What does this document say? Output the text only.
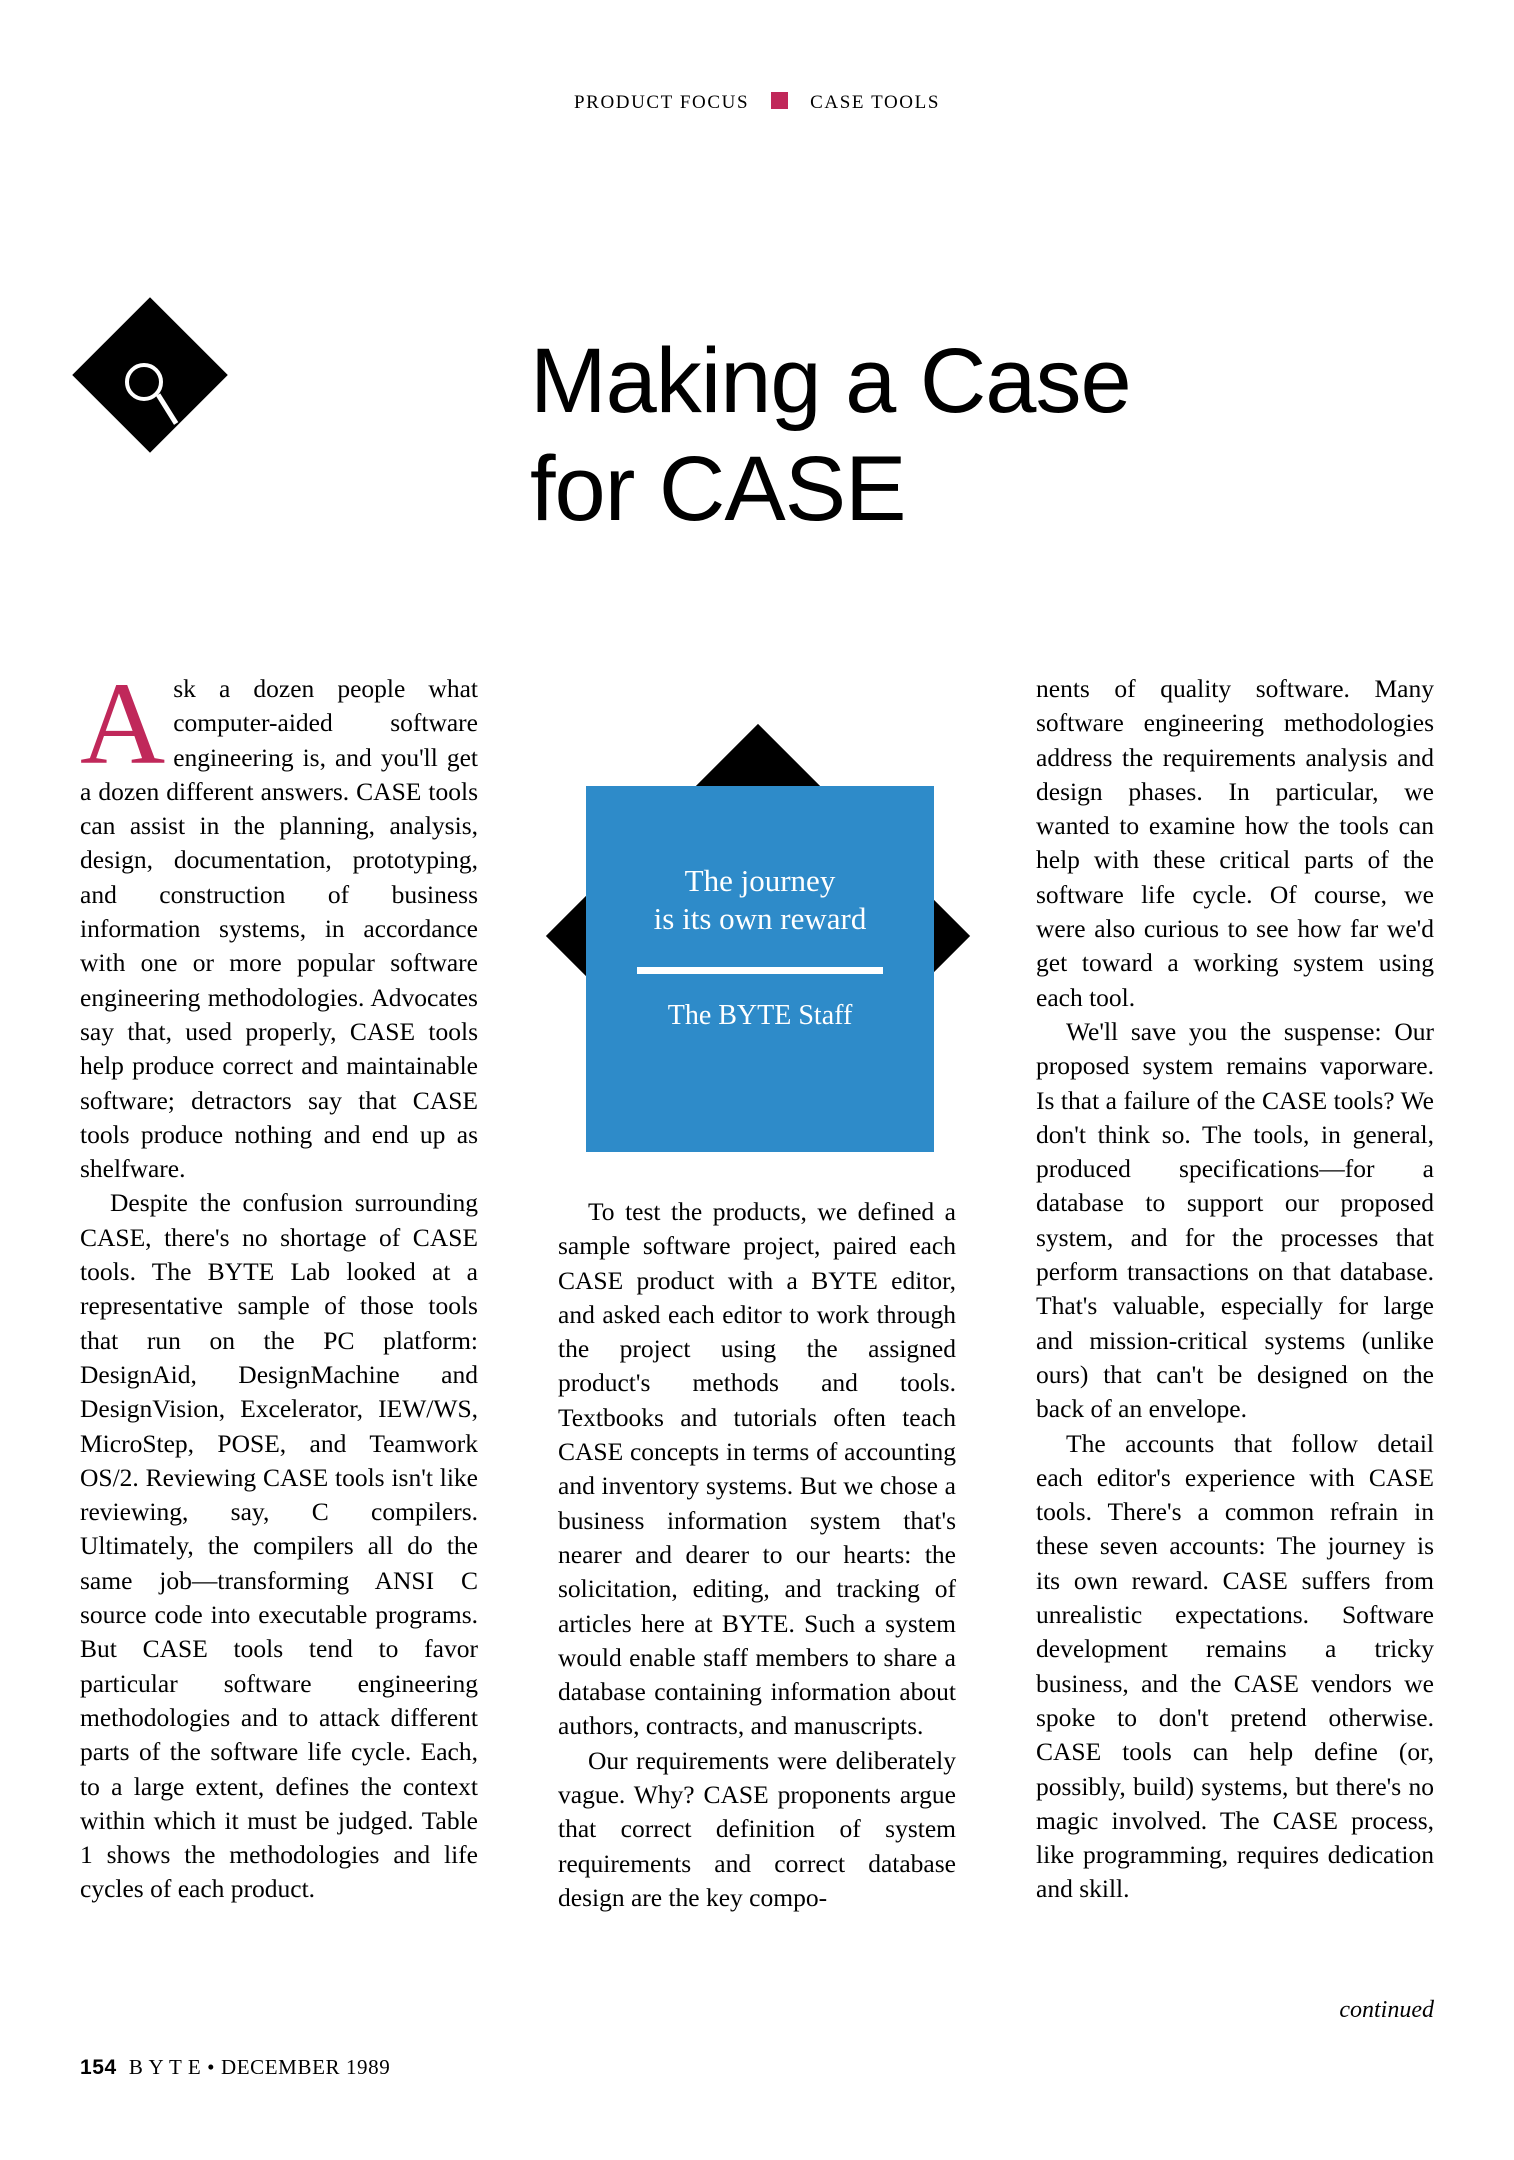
PRODUCT FOCUS	CASE TOOLS
Making a Case
for CASE
The journey
is its own reward
The BYTE Staff

Ask a dozen people what computer-aided software engineering is, and you'll get a dozen different answers. CASE tools can assist in the planning, analysis, design, documentation, prototyping, and construction of business information systems, in accordance with one or more popular software engineering methodologies. Advocates say that, used properly, CASE tools help produce correct and maintainable software; detractors say that CASE tools produce nothing and end up as shelfware.

Despite the confusion surrounding CASE, there's no shortage of CASE tools. The BYTE Lab looked at a representative sample of those tools that run on the PC platform: DesignAid, DesignMachine and DesignVision, Excelerator, IEW/WS, MicroStep, POSE, and Teamwork OS/2. Reviewing CASE tools isn't like reviewing, say, C compilers. Ultimately, the compilers all do the same job—transforming ANSI C source code into executable programs. But CASE tools tend to favor particular software engineering methodologies and to attack different parts of the software life cycle. Each, to a large extent, defines the context within which it must be judged. Table 1 shows the methodologies and life cycles of each product.

To test the products, we defined a sample software project, paired each CASE product with a BYTE editor, and asked each editor to work through the project using the assigned product's methods and tools. Textbooks and tutorials often teach CASE concepts in terms of accounting and inventory systems. But we chose a business information system that's nearer and dearer to our hearts: the solicitation, editing, and tracking of articles here at BYTE. Such a system would enable staff members to share a database containing information about authors, contracts, and manuscripts.

Our requirements were deliberately vague. Why? CASE proponents argue that correct definition of system requirements and correct database design are the key compo-

nents of quality software. Many software engineering methodologies address the requirements analysis and design phases. In particular, we wanted to examine how the tools can help with these critical parts of the software life cycle. Of course, we were also curious to see how far we'd get toward a working system using each tool.

We'll save you the suspense: Our proposed system remains vaporware. Is that a failure of the CASE tools? We don't think so. The tools, in general, produced specifications—for a database to support our proposed system, and for the processes that perform transactions on that database. That's valuable, especially for large and mission-critical systems (unlike ours) that can't be designed on the back of an envelope.

The accounts that follow detail each editor's experience with CASE tools. There's a common refrain in these seven accounts: The journey is its own reward. CASE suffers from unrealistic expectations. Software development remains a tricky business, and the CASE vendors we spoke to don't pretend otherwise. CASE tools can help define (or, possibly, build) systems, but there's no magic involved. The CASE process, like programming, requires dedication and skill.

continued
154 B Y T E • DECEMBER 1989
